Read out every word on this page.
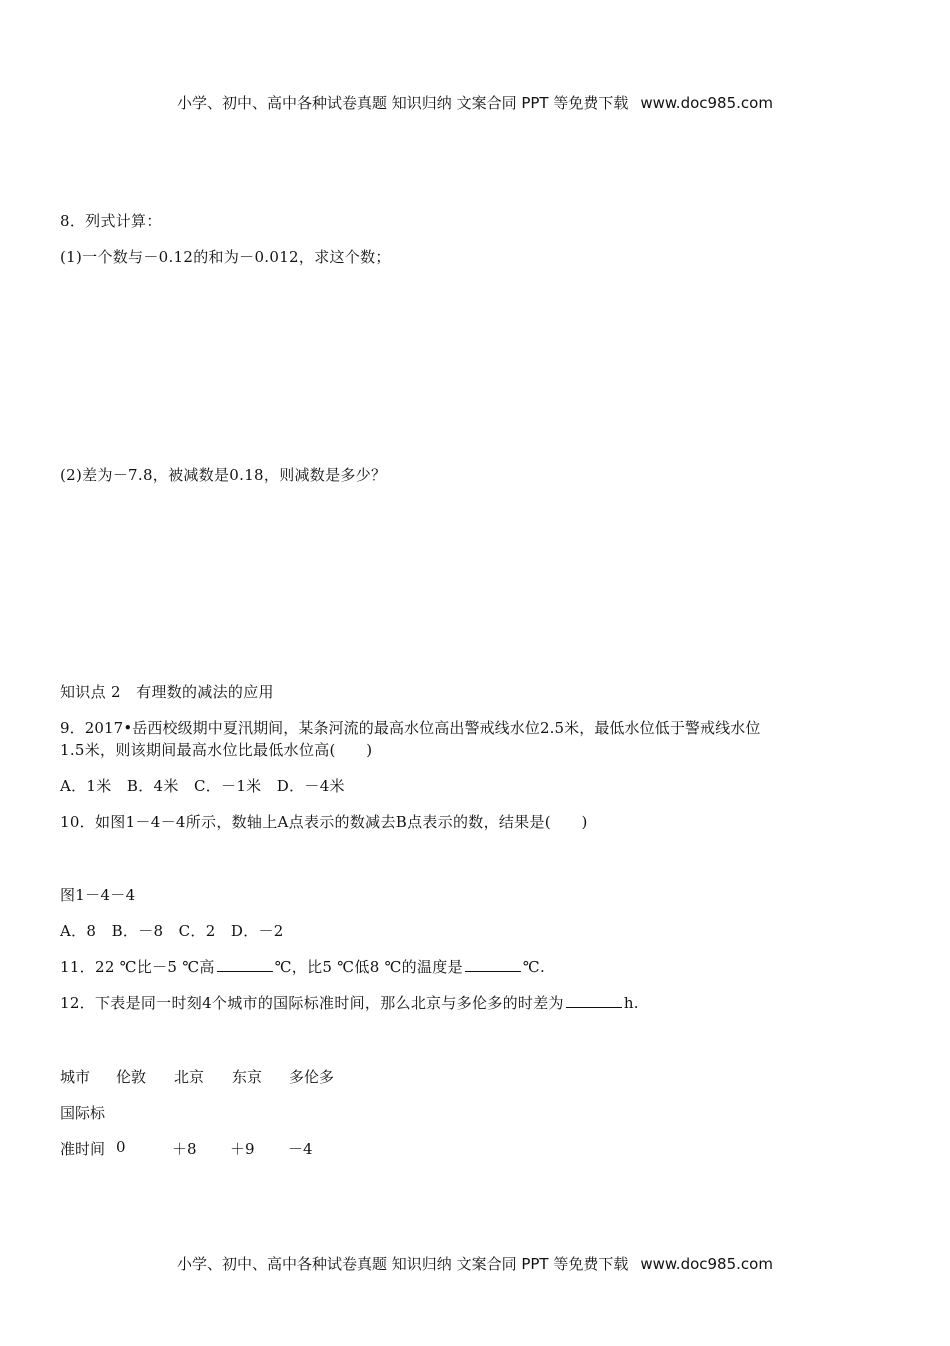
小学、初中、高中各种试卷真题 知识归纳 文案合同 PPT 等免费下载 www.doc985.com
8．列式计算：
(1)一个数与－0.12的和为－0.012，求这个数；
(2)差为－7.8，被减数是0.18，则减数是多少？
知识点 2　有理数的减法的应用
9．2017•岳西校级期中夏汛期间，某条河流的最高水位高出警戒线水位2.5米，最低水位低于警戒线水位
1.5米，则该期间最高水位比最低水位高(　　)
A．1米　B．4米　C．－1米　D．－4米
10．如图1－4－4所示，数轴上A点表示的数减去B点表示的数，结果是(　　)
图1－4－4
A．8　B．－8　C．2　D．－2
11．22 ℃比－5 ℃高	℃，比5 ℃低8 ℃的温度是	℃.
12．下表是同一时刻4个城市的国际标准时间，那么北京与多伦多的时差为	h.
城市 伦敦 北京 东京 多伦多
国际标
准时间 0	＋8 ＋9 －4
小学、初中、高中各种试卷真题 知识归纳 文案合同 PPT 等免费下载 www.doc985.com
